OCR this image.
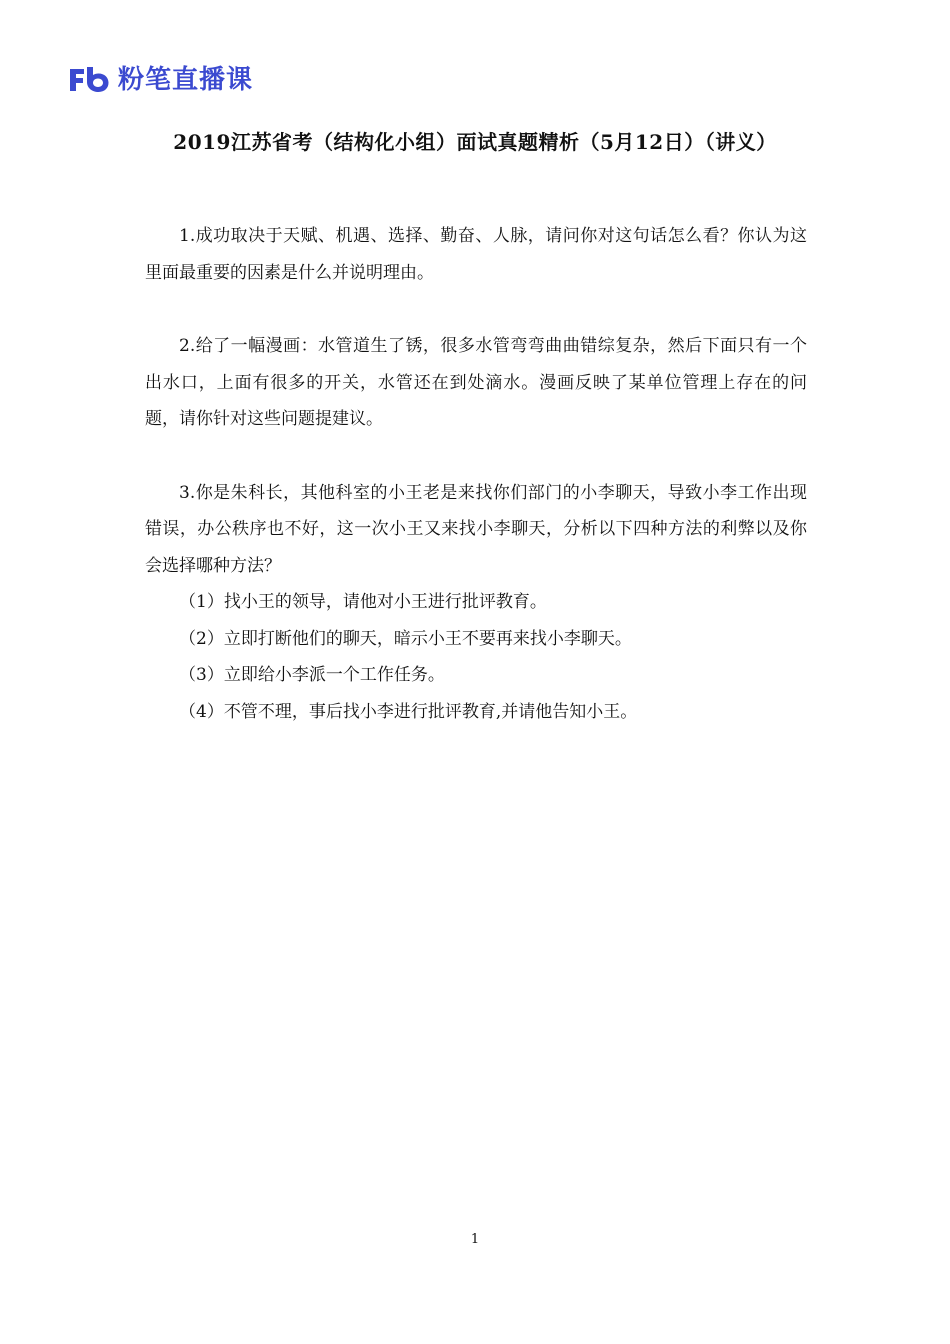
粉笔直播课
2019江苏省考（结构化小组）面试真题精析（5月12日）（讲义）

1.成功取决于天赋、机遇、选择、勤奋、人脉，请问你对这句话怎么看？你认为这里面最重要的因素是什么并说明理由。

2.给了一幅漫画：水管道生了锈，很多水管弯弯曲曲错综复杂，然后下面只有一个出水口，上面有很多的开关，水管还在到处滴水。漫画反映了某单位管理上存在的问题，请你针对这些问题提建议。

3.你是朱科长，其他科室的小王老是来找你们部门的小李聊天，导致小李工作出现错误，办公秩序也不好，这一次小王又来找小李聊天，分析以下四种方法的利弊以及你会选择哪种方法？

（1）找小王的领导，请他对小王进行批评教育。

（2）立即打断他们的聊天，暗示小王不要再来找小李聊天。

（3）立即给小李派一个工作任务。

（4）不管不理，事后找小李进行批评教育,并请他告知小王。

1
